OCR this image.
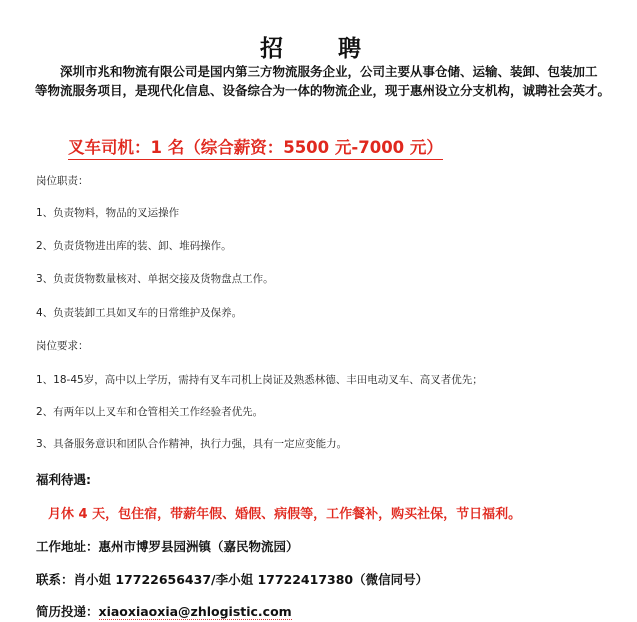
招　聘
深圳市兆和物流有限公司是国内第三方物流服务企业，公司主要从事仓储、运输、装卸、包装加工
等物流服务项目，是现代化信息、设备综合为一体的物流企业，现于惠州设立分支机构，诚聘社会英才。
叉车司机：1 名（综合薪资：5500 元-7000 元）
岗位职责：
1、负责物料，物品的叉运操作
2、负责货物进出库的装、卸、堆码操作。
3、负责货物数量核对、单据交接及货物盘点工作。
4、负责装卸工具如叉车的日常维护及保养。
岗位要求：
1、18-45岁，高中以上学历，需持有叉车司机上岗证及熟悉林德、丰田电动叉车、高叉者优先；
2、有两年以上叉车和仓管相关工作经验者优先。
3、具备服务意识和团队合作精神，执行力强，具有一定应变能力。
福利待遇:
月休 4 天，包住宿，带薪年假、婚假、病假等，工作餐补，购买社保，节日福利。
工作地址：惠州市博罗县园洲镇（嘉民物流园）
联系：肖小姐 17722656437/李小姐 17722417380（微信同号）
简历投递：xiaoxiaoxia@zhlogistic.com
